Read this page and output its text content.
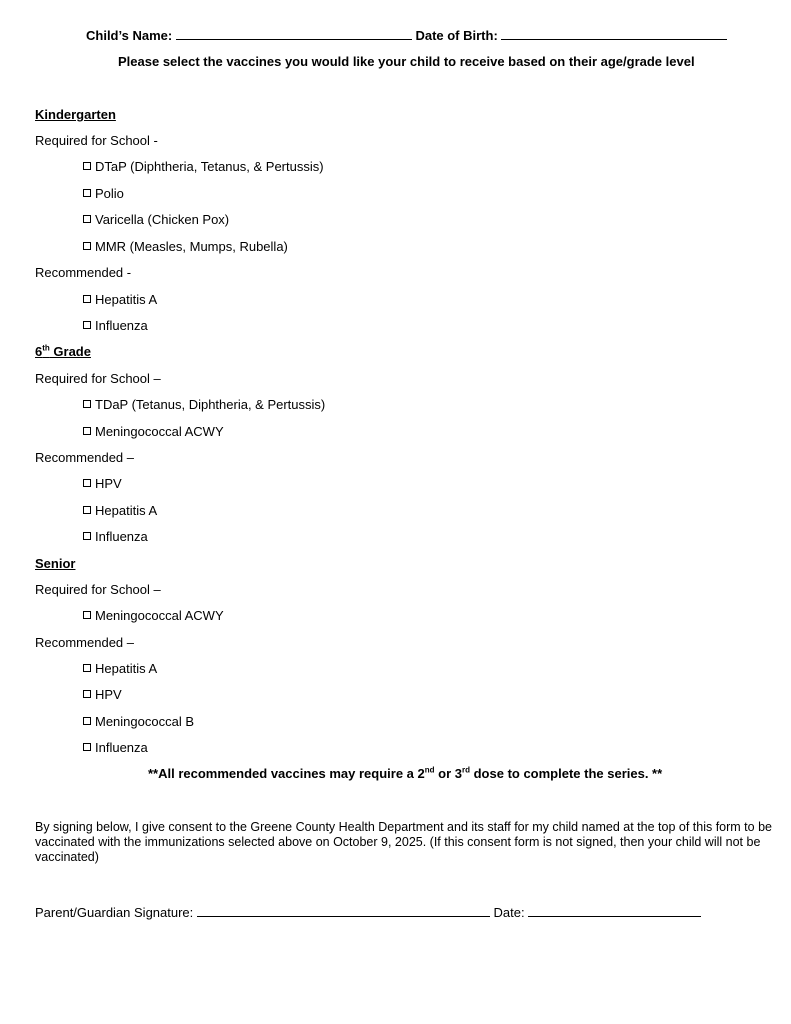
Child’s Name:	Date of Birth:
Please select the vaccines you would like your child to receive based on their age/grade level
Kindergarten
Required for School -
DTaP (Diphtheria, Tetanus, & Pertussis)
Polio
Varicella (Chicken Pox)
MMR (Measles, Mumps, Rubella)
Recommended -
Hepatitis A
Influenza
6th Grade
Required for School –
TDaP (Tetanus, Diphtheria, & Pertussis)
Meningococcal ACWY
Recommended –
HPV
Hepatitis A
Influenza
Senior
Required for School –
Meningococcal ACWY
Recommended –
Hepatitis A
HPV
Meningococcal B
Influenza
**All recommended vaccines may require a 2nd or 3rd dose to complete the series. **
By signing below, I give consent to the Greene County Health Department and its staff for my child named at the top of this form to be vaccinated with the immunizations selected above on October 9, 2025. (If this consent form is not signed, then your child will not be vaccinated)
Parent/Guardian Signature:	Date:
